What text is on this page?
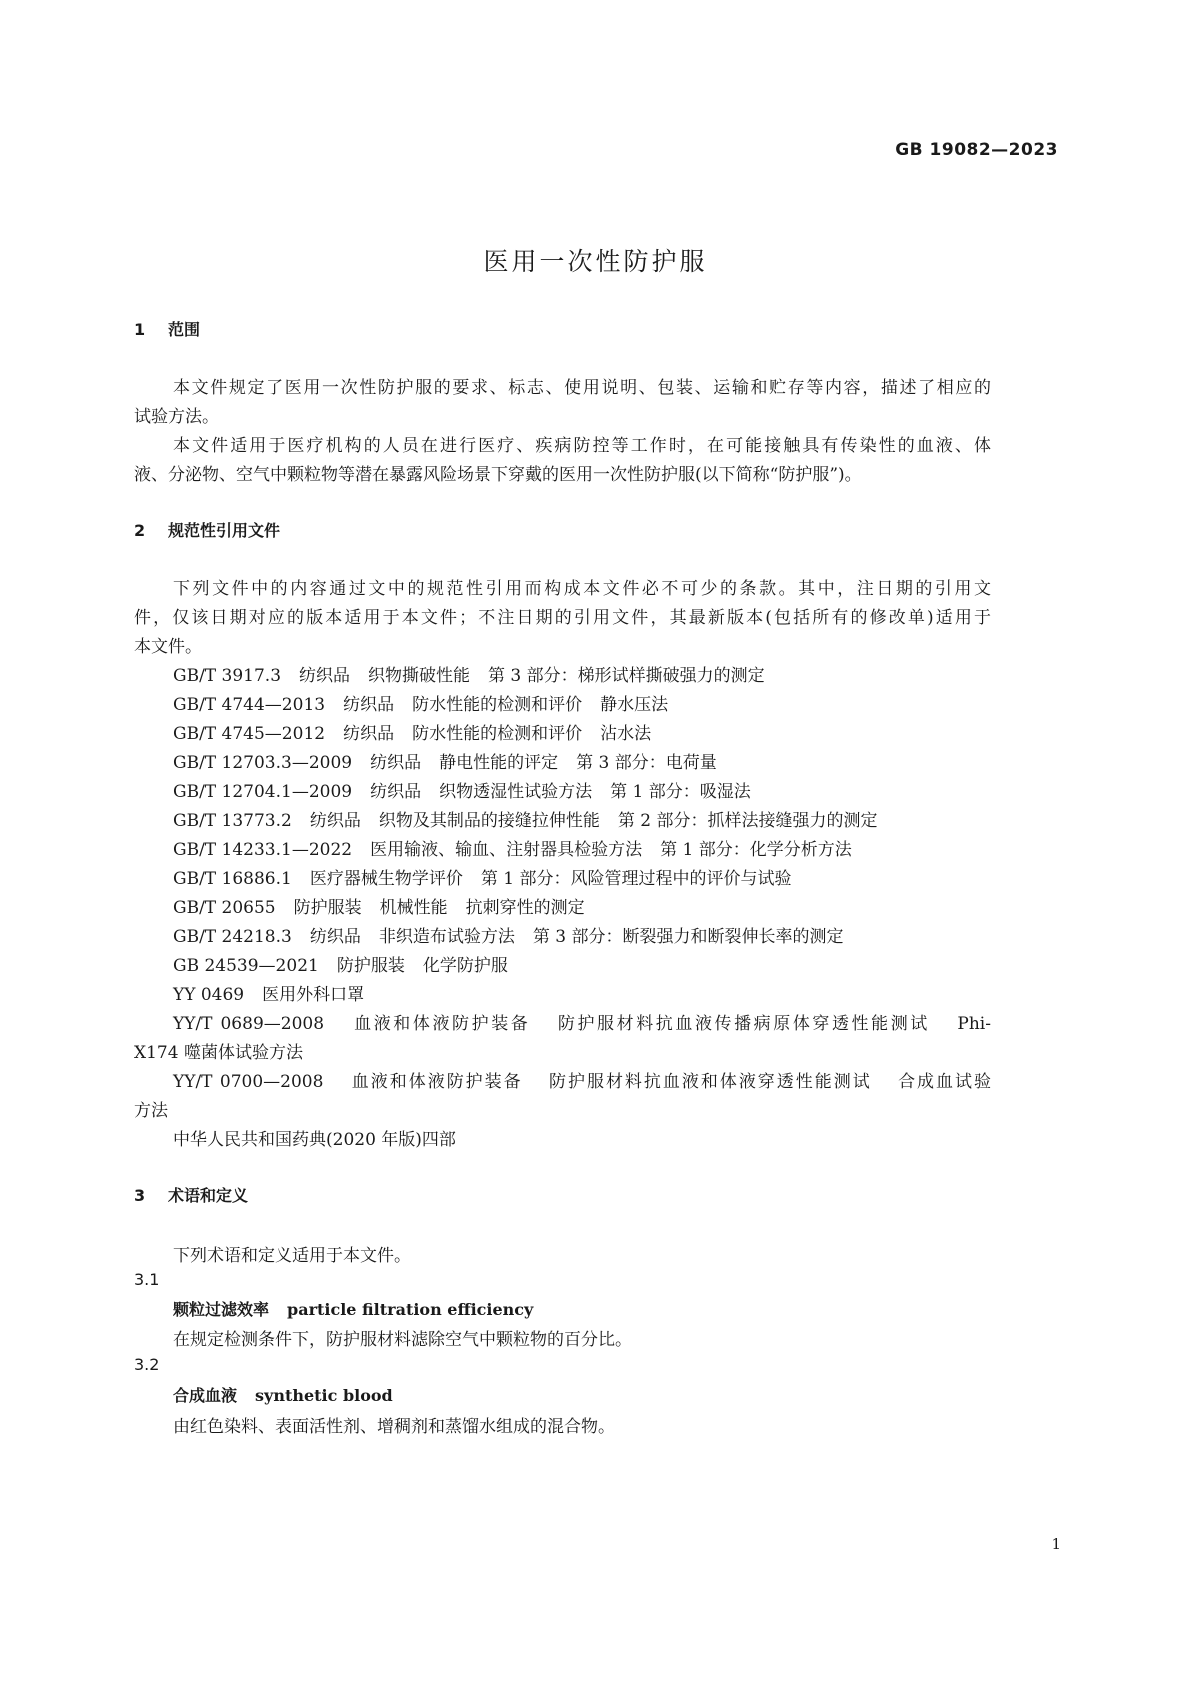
GB 19082—2023
医用一次性防护服
1 范围
本文件规定了医用一次性防护服的要求、标志、使用说明、包装、运输和贮存等内容，描述了相应的
试验方法。
本文件适用于医疗机构的人员在进行医疗、疾病防控等工作时，在可能接触具有传染性的血液、体
液、分泌物、空气中颗粒物等潜在暴露风险场景下穿戴的医用一次性防护服(以下简称“防护服”)。
2 规范性引用文件
下列文件中的内容通过文中的规范性引用而构成本文件必不可少的条款。其中，注日期的引用文
件，仅该日期对应的版本适用于本文件；不注日期的引用文件，其最新版本(包括所有的修改单)适用于
本文件。
GB/T 3917.3 纺织品 织物撕破性能 第 3 部分：梯形试样撕破强力的测定
GB/T 4744—2013 纺织品 防水性能的检测和评价 静水压法
GB/T 4745—2012 纺织品 防水性能的检测和评价 沾水法
GB/T 12703.3—2009 纺织品 静电性能的评定 第 3 部分：电荷量
GB/T 12704.1—2009 纺织品 织物透湿性试验方法 第 1 部分：吸湿法
GB/T 13773.2 纺织品 织物及其制品的接缝拉伸性能 第 2 部分：抓样法接缝强力的测定
GB/T 14233.1—2022 医用输液、输血、注射器具检验方法 第 1 部分：化学分析方法
GB/T 16886.1 医疗器械生物学评价 第 1 部分：风险管理过程中的评价与试验
GB/T 20655 防护服装 机械性能 抗刺穿性的测定
GB/T 24218.3 纺织品 非织造布试验方法 第 3 部分：断裂强力和断裂伸长率的测定
GB 24539—2021 防护服装 化学防护服
YY 0469 医用外科口罩
YY/T 0689—2008　 血液和体液防护装备　 防护服材料抗血液传播病原体穿透性能测试　 Phi-
X174 噬菌体试验方法
YY/T 0700—2008　 血液和体液防护装备　 防护服材料抗血液和体液穿透性能测试　 合成血试验
方法
中华人民共和国药典(2020 年版)四部
3 术语和定义
下列术语和定义适用于本文件。
3.1
颗粒过滤效率 particle filtration efficiency
在规定检测条件下，防护服材料滤除空气中颗粒物的百分比。
3.2
合成血液 synthetic blood
由红色染料、表面活性剂、增稠剂和蒸馏水组成的混合物。
1
